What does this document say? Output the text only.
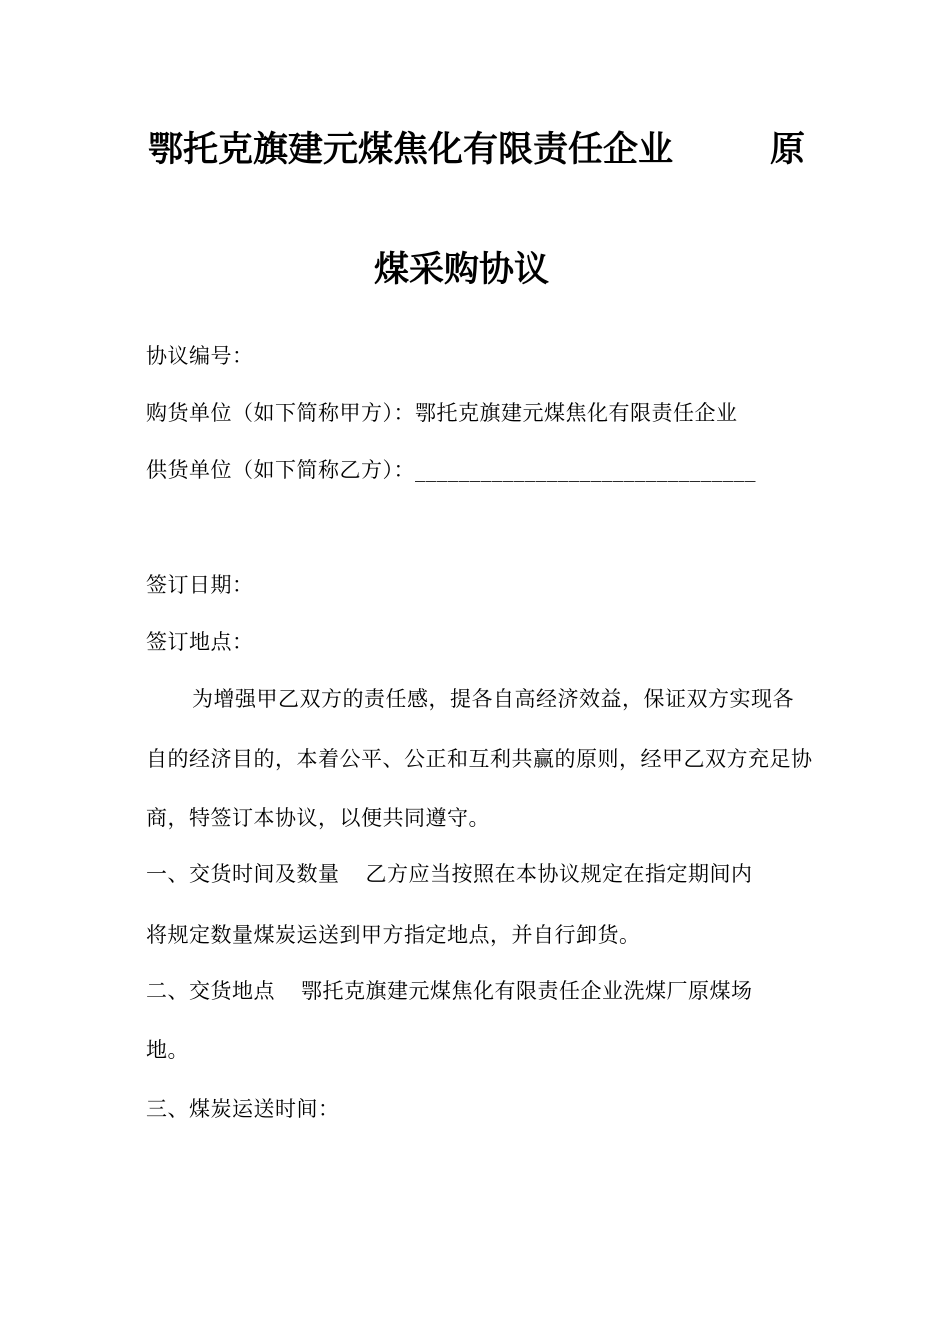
鄂托克旗建元煤焦化有限责任企业	原
煤采购协议

协议编号：

购货单位（如下简称甲方）：鄂托克旗建元煤焦化有限责任企业

供货单位（如下简称乙方）：_______________________________

签订日期：

签订地点：

为增强甲乙双方的责任感，提各自高经济效益，保证双方实现各

自的经济目的，本着公平、公正和互利共赢的原则，经甲乙双方充足协

商，特签订本协议，以便共同遵守。

一、交货时间及数量 乙方应当按照在本协议规定在指定期间内

将规定数量煤炭运送到甲方指定地点，并自行卸货。

二、交货地点 鄂托克旗建元煤焦化有限责任企业洗煤厂原煤场

地。

三、煤炭运送时间：
